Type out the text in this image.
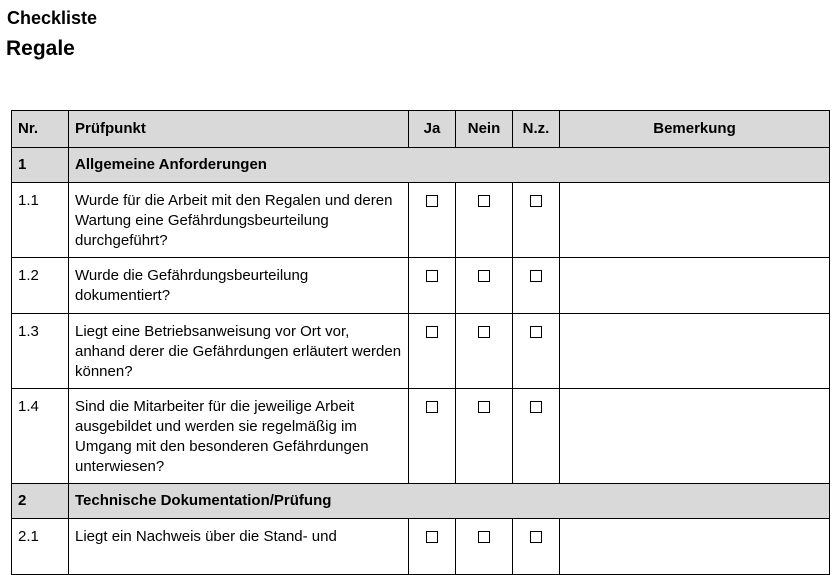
Checkliste
Regale
Nr.	Prüfpunkt	Ja	Nein	N.z.	Bemerkung
1	Allgemeine Anforderungen				
1.1	Wurde für die Arbeit mit den Regalen und deren Wartung eine Gefährdungsbeurteilung durchgeführt?				
1.2	Wurde die Gefährdungsbeurteilung dokumentiert?				
1.3	Liegt eine Betriebsanweisung vor Ort vor, anhand derer die Gefährdungen erläutert werden können?				
1.4	Sind die Mitarbeiter für die jeweilige Arbeit ausgebildet und werden sie regelmäßig im Umgang mit den besonderen Gefährdungen unterwiesen?				
2	Technische Dokumentation/Prüfung				
2.1	Liegt ein Nachweis über die Stand- und				
